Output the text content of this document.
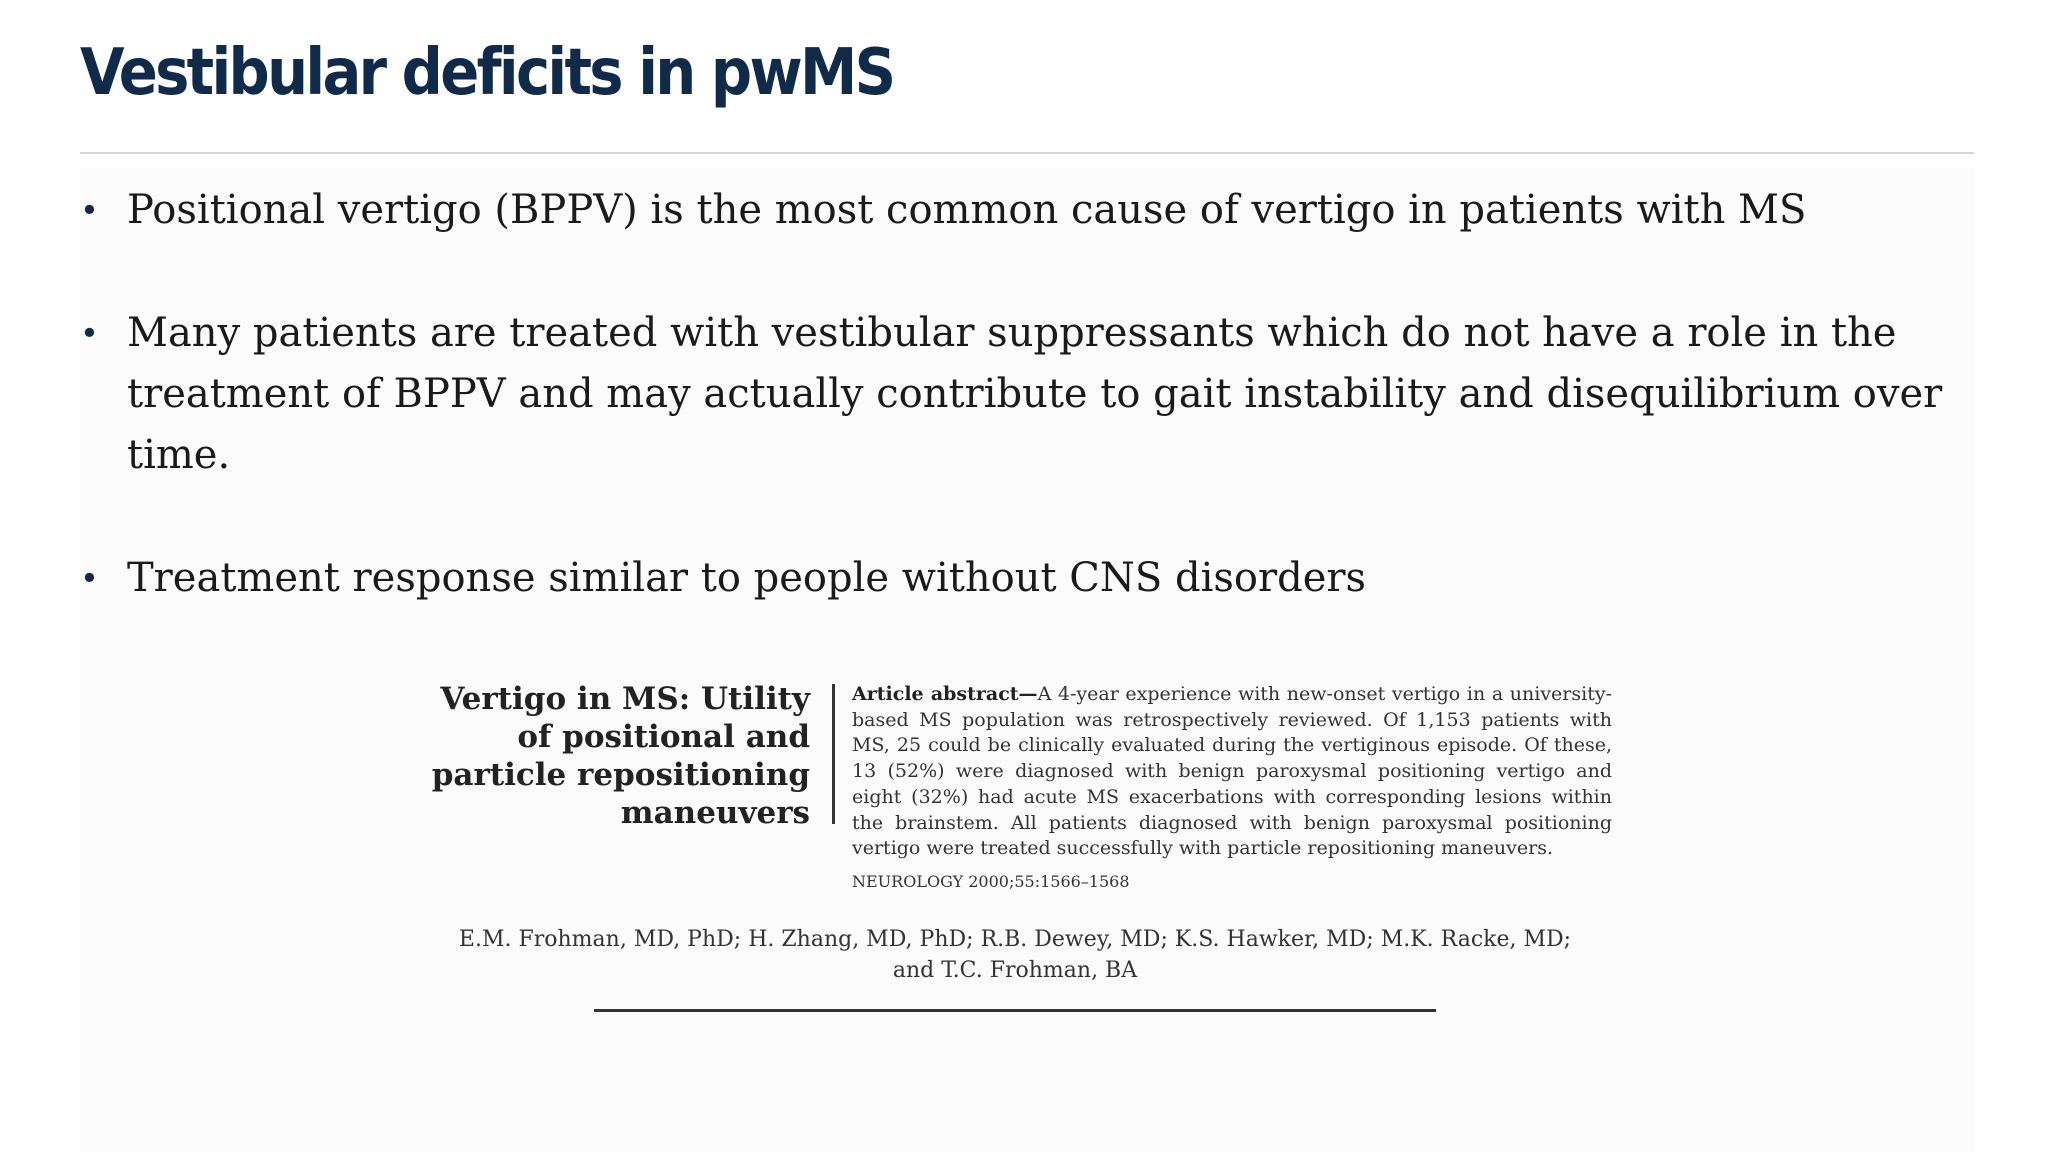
Vestibular deficits in pwMS
• Positional vertigo (BPPV) is the most common cause of vertigo in patients with MS
• Many patients are treated with vestibular suppressants which do not have a role in the treatment of BPPV and may actually contribute to gait instability and disequilibrium over time.
• Treatment response similar to people without CNS disorders
Vertigo in MS: Utility of positional and particle repositioning maneuvers
Article abstract—A 4-year experience with new-onset vertigo in a university-based MS population was retrospectively reviewed. Of 1,153 patients with MS, 25 could be clinically evaluated during the vertiginous episode. Of these, 13 (52%) were diagnosed with benign paroxysmal positioning vertigo and eight (32%) had acute MS exacerbations with corresponding lesions within the brainstem. All patients diagnosed with benign paroxysmal positioning vertigo were treated successfully with particle repositioning maneuvers.
NEUROLOGY 2000;55:1566–1568
E.M. Frohman, MD, PhD; H. Zhang, MD, PhD; R.B. Dewey, MD; K.S. Hawker, MD; M.K. Racke, MD;
and T.C. Frohman, BA
